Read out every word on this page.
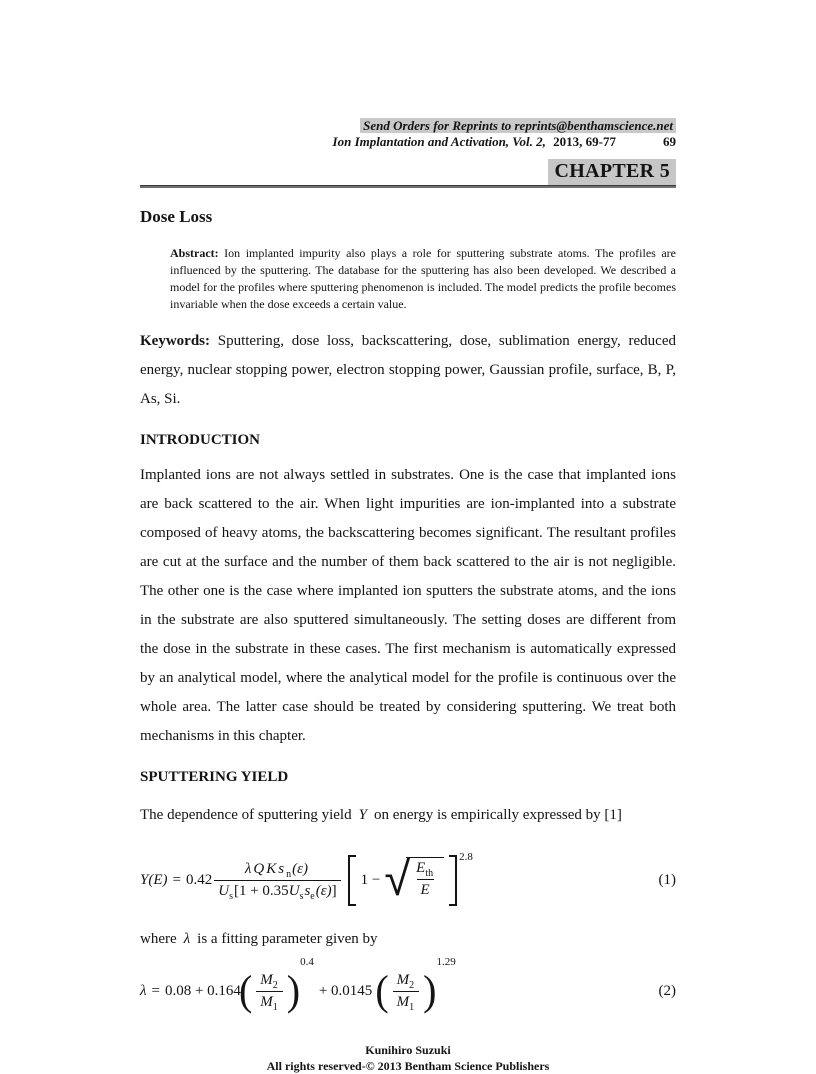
Send Orders for Reprints to reprints@benthamscience.net
Ion Implantation and Activation, Vol. 2, 2013, 69-77	69
CHAPTER 5
Dose Loss
Abstract: Ion implanted impurity also plays a role for sputtering substrate atoms. The profiles are influenced by the sputtering. The database for the sputtering has also been developed. We described a model for the profiles where sputtering phenomenon is included. The model predicts the profile becomes invariable when the dose exceeds a certain value.
Keywords: Sputtering, dose loss, backscattering, dose, sublimation energy, reduced energy, nuclear stopping power, electron stopping power, Gaussian profile, surface, B, P, As, Si.
INTRODUCTION
Implanted ions are not always settled in substrates. One is the case that implanted ions are back scattered to the air. When light impurities are ion-implanted into a substrate composed of heavy atoms, the backscattering becomes significant. The resultant profiles are cut at the surface and the number of them back scattered to the air is not negligible. The other one is the case where implanted ion sputters the substrate atoms, and the ions in the substrate are also sputtered simultaneously. The setting doses are different from the dose in the substrate in these cases. The first mechanism is automatically expressed by an analytical model, where the analytical model for the profile is continuous over the whole area. The latter case should be treated by considering sputtering. We treat both mechanisms in this chapter.
SPUTTERING YIELD
The dependence of sputtering yield Y on energy is empirically expressed by [1]
Y $(E) = 0.42 \frac{\lambda Q K s _n(\varepsilon)}{U_s[1 + 0.35U_ss_e(\varepsilon)]} 1$ − √ $\frac{E_{th}}{E}$
2.8
(1)
where λ is a fitting parameter given by
λ = 0.08 + 0.164
( $\frac{M_2}{M_1}$ )
0.4
+ 0.0145 ( $\frac{M_2}{M_1}$ )
1.29
(2)
Kunihiro Suzuki
All rights reserved-© 2013 Bentham Science Publishers
